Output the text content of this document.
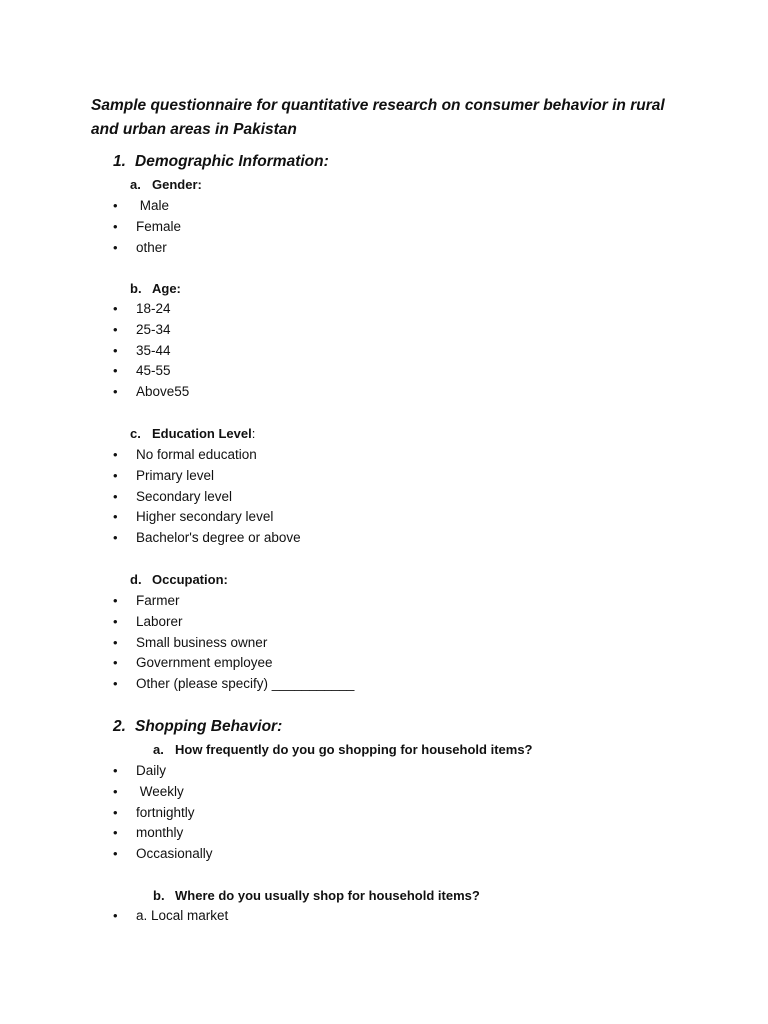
Sample questionnaire for quantitative research on consumer behavior in rural and urban areas in Pakistan

1. Demographic Information:

a. Gender:

• Male
• Female
• other

b. Age:

• 18-24
• 25-34
• 35-44
• 45-55
• Above55

c. Education Level:

• No formal education
• Primary level
• Secondary level
• Higher secondary level
• Bachelor's degree or above

d. Occupation:

• Farmer
• Laborer
• Small business owner
• Government employee
• Other (please specify) ___________

2. Shopping Behavior:

a. How frequently do you go shopping for household items?

• Daily
• Weekly
• fortnightly
• monthly
• Occasionally

b. Where do you usually shop for household items?

• a. Local market
